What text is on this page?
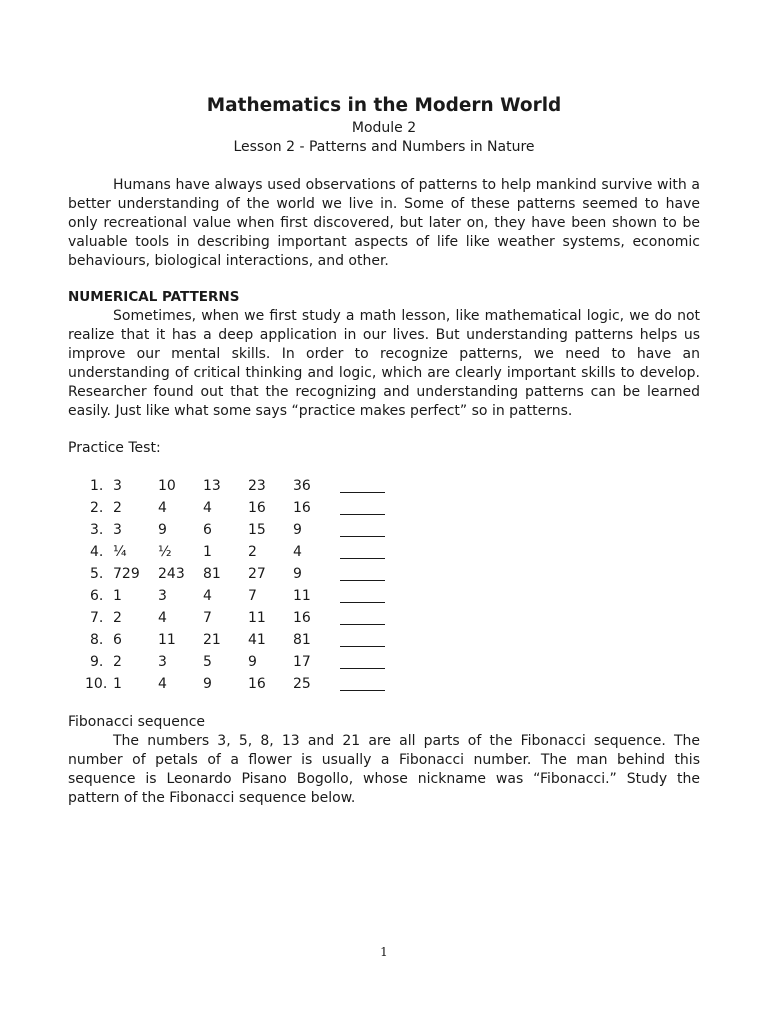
Mathematics in the Modern World
Module 2
Lesson 2 - Patterns and Numbers in Nature

Humans have always used observations of patterns to help mankind survive with a better understanding of the world we live in. Some of these patterns seemed to have only recreational value when first discovered, but later on, they have been shown to be valuable tools in describing important aspects of life like weather systems, economic behaviours, biological interactions, and other.

NUMERICAL PATTERNS

Sometimes, when we first study a math lesson, like mathematical logic, we do not realize that it has a deep application in our lives. But understanding patterns helps us improve our mental skills. In order to recognize patterns, we need to have an understanding of critical thinking and logic, which are clearly important skills to develop. Researcher found out that the recognizing and understanding patterns can be learned easily. Just like what some says “practice makes perfect” so in patterns.

Practice Test:
1. 3	10 13 23 36
2. 2	4	4	16 16
3. 3	9	6	15 9
4. ¼ ½ 1	2	4
5. 729 243 81 27 9
6. 1	3	4	7	11
7. 2	4	7	11 16
8. 6	11 21 41 81
9. 2	3	5	9	17
10. 1	4	9	16 25
Fibonacci sequence

The numbers 3, 5, 8, 13 and 21 are all parts of the Fibonacci sequence. The number of petals of a flower is usually a Fibonacci number. The man behind this sequence is Leonardo Pisano Bogollo, whose nickname was “Fibonacci.” Study the pattern of the Fibonacci sequence below.

1
